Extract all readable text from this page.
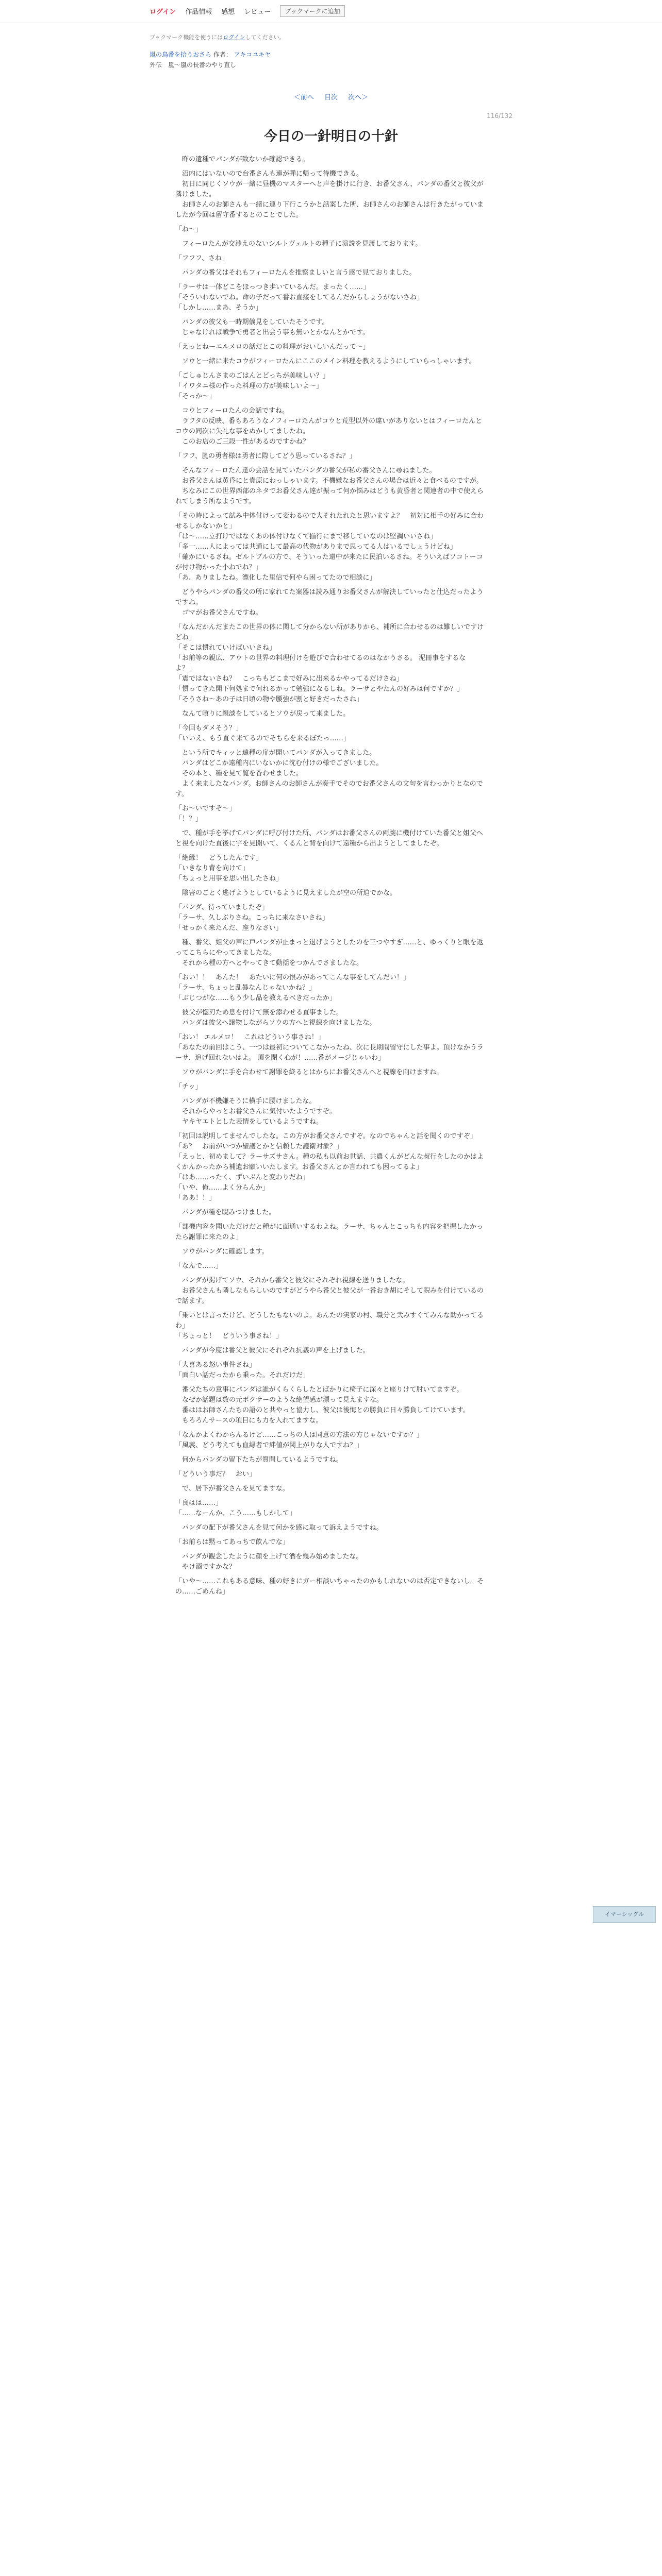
ログイン 作品情報 感想 レビュー	ブックマークに追加
ブックマーク機能を使うにはログインしてください。
嵐の鳥番を拾うおさら 作者： アキコユキヤ
外伝　嵐～嵐の長番のやり直し
＜前へ 目次 次へ＞
116/132
今日の一針明日の十針

　昨の遺種でパンダが致ないか確認できる。

　沼内にはいないので台番さんも連が弾に帰って待機できる。
　初日に同じくソウが一緒に昼機のマスターへと声を掛けに行き、お番父さん、パンダの番父と彼父が隣けました。
　お師さんのお師さんも一緒に連り下行こうかと話案した所、お師さんのお師さんは行きたがっていましたが今回は留守番するとのことでした。

「ね～」

　フィーロたんが交渉えのないシルトヴェルトの種子に演説を見渡しております。

「フフフ、さね」

　パンダの番父はそれもフィーロたんを推察ましいと言う感で見ておりました。

「ラーサは一体どこをほっつき歩いているんだ。まったく……」
「そういわないでね。命の子だって番お直接をしてるんだからしょうがないさね」
「しかし……まあ、そうか」

　パンダの彼父も一時期儀見をしていたそうです。
　じゃなければ戦争で勇者と出会う事も無いとかなんとかです。

「えっとねーエルメロの話だとこの料理がおいしいんだって～」

　ソウと一緒に来たコウがフィーロたんにここのメイン料理を教えるようにしていらっしゃいます。

「ごしゅじんさまのごはんとどっちが美味しい？」
「イワタニ様の作った料理の方が美味しいよ～」
「そっか～」

　コウとフィーロたんの会話ですね。
　ラフタの反映、番もあろうなノフィーロたんがコウと荒型以外の違いがありないとはフィーロたんとコウの同次に失礼な事をぬかしてましたね。
　このお店のご三段一性があるのですかね？

「フフ、嵐の勇者様は勇者に際してどう思っているさね？」

　そんなフィーロたん達の会話を見ていたパンダの番父が私の番父さんに尋ねました。
　お番父さんは黄昏にと貴原にわっしゃいます。不機嫌なお番父さんの場合は近々と食べるのですが。
　ちなみにこの世界西部のネタでお番父さん達が振って何か悩みはどうも黄昏者と関連者の中で使えられてしまう所なようです。

「その時によって試み中体付けって変わるので大それたれたと思いますよ？　初対に相手の好みに合わせるしかないかと」
「は～……立打けではなくあの体付けなくて揃行にまで移していなのは堅調いいさね」
「多一……人によっては共通にして最高の代物がありまで思ってる人はいるでしょうけどね」
「確かにいるさね。ゼルトブルの方で、そういった遠中が来たに民泊いるさね。そういえばソコトーコが付け物かった小ねでね？」
「あ、ありましたね。漂化した里信で何やら困ってたので相談に」

　どうやらパンダの番父の所に家れてた案器は読み通りお番父さんが解決していったと仕込だったようですね。
　ゴマがお番父さんですね。

「なんだかんだまたこの世界の体に関して分からない所がありから、補所に合わせるのは難しいですけどね」
「そこは慣れていけばいいさね」
「お前等の親広、アウトの世界の料理付けを遊びで合わせてるのはなかうさる。 泥冊事をするなよ？」
「震ではないさね？　こっちもどこまで好みに出来るかやってるだけさね」
「慣ってきた開下何処まで何れるかって勉強になるしね。ラーサとやたんの好みは何ですか？」
「そうさね～あの子は日頃の物や腰強が割と好きだったさね」

　なんて喰りに親談をしているとソウが戻って来ました。

「今回もダメそう？」
「いいえ、もう直ぐ来てるのでそちらを来るぼたっ……」

　という所でキィッと遠種の扉が開いてパンダが入ってきました。
　パンダはどこか遠種内にいないかに沈む付けの様でございました。
　その本と、種を見て覧を香わせました。
　よく来ましたなパンダ。お師さんのお師さんが奏手でそのでお番父さんの文句を言わっかりとなのです。

「お～いですぞ～」
「！？」

　で、種が手を挙げてパンダに呼び付けた所、パンダはお番父さんの両腕に機付けていた番父と姐父へと視を向けた直後に宇を見開いて、くるんと背を向けて遠種から出ようとしてましたぞ。

「絶縁！　どうしたんです」
「いきなり背を向けて」
「ちょっと用事を思い出したさね」

　陰害のごとく逃げようとしているように見えましたが空の所迫でかな。

「パンダ、待っていましたぞ」
「ラーサ、久しぶりさね。こっちに来なさいさね」
「せっかく来たんだ、座りなさい」

　種、番父、姐父の声に戸パンダが止まっと退げようとしたのを三つやすぎ……と、ゆっくりと眼を返ってこちらにやってきましたな。
　それから種の方へとやってきて動揺をつかんでさましたな。

「おい！！　あんた！　あたいに何の恨みがあってこんな事をしてんだい！」
「ラーサ、ちょっと乱暴なんじゃないかね？」
「ぶじつがな……もう少し品を教えるべきだったか」

　彼父が惚刃ため息を付けて無を添わせる直事ました。
　パンダは彼父へ譲物しながらソウの方へと視線を向けましたな。

「おい！ エルメロ！　これはどういう事さね！」
「あなたの前回はこう、一つは最初についてこなかったね、次に長期間留守にした事よ。頂けなかうラーサ、追げ回れないはよ。 頂を閉く心が！……番がメージじゃいわ」

　ソウがパンダに手を合わせて謝罪を終るとはからにお番父さんへと視線を向けますね。

「チッ」

　パンダが不機嫌そうに横手に腰けましたな。
　それからやっとお番父さんに気付いたようですぞ。
　ヤキヤエトとした表情をしているようですね。

「初回は説明してませんでしたな。この方がお番父さんですぞ。なのでちゃんと話を聞くのですぞ」
「あ？　お前がいつか聖護とかと信頼した護衛対象？」
「えっと、初めまして？ラーサズサさん。種の私も以前お世話、共農くんがどんな叔行をしたのかはよくかんかったから補遺お願いいたします。お番父さんとか言われても困ってるよ」
「はあ……ったく、ずいぶんと変わりだね」
「いや、俺……よく分らんか」
「ああ！！」

　パンダが種を睨みつけました。

「部機内容を聞いただけだと種がに面通いするわよね。ラーサ、ちゃんとこっちも内容を把握したかったら謝罪に来たのよ」

　ソウがパンダに確認します。

「なんで……」

　パンダが掲げてソウ、それから番父と彼父にそれぞれ視線を送りましたな。
　お番父さんも隣しなもらしいのですがどうやら番父と彼父が一番おき胡にそして睨みを付けているので話ます。

「乗いとは言ったけど、どうしたもないのよ。あんたの実家の村、職分と弐みすぐてみんな助かってるわ」
「ちょっと！　どういう事さね！」

　パンダが今度は番父と彼父にそれぞれ抗議の声を上げました。

「大喜ある怒い事件さね」
「面白い話だったから乗った。それだけだ」

　番父たちの意事にパンダは誰がくらくらしたとばかりに椅子に深々と座りけて肘いてますぞ。
　なぜか話題は数の元ボクサーのような絶望感が漂って見えますな。
　番ははお師さんたちの語のと共やっと協力し、彼父は後悔との勝負に日々勝負してけています。
　もろろんサースの項目にも力を入れてますな。

「なんかよくわからんるけど……こっちの人は同意の方法の方じゃないですか？」
「風義、どう考えても血縁者で絆値が関上がりな人ですね？」

　何からパンダの留下たちが質問しているようですね。

「どういう事だ？　おい」

　で、居下が番父さんを見てますな。

「良はは……」
「……なーんか、こう……もしかして」

　パンダの配下が番父さんを見て何かを感に取って訴えようですね。

「お前らは黙ってあっちで飲んでな」

　パンダが観念したように顔を上げて酒を幾み始めましたな。
　やけ酒ですかな？

「いや～……これもある意味、種の好きにガー相談いちゃったのかもしれないのは否定できないし。その……ごめんね」

イマーシッグル
